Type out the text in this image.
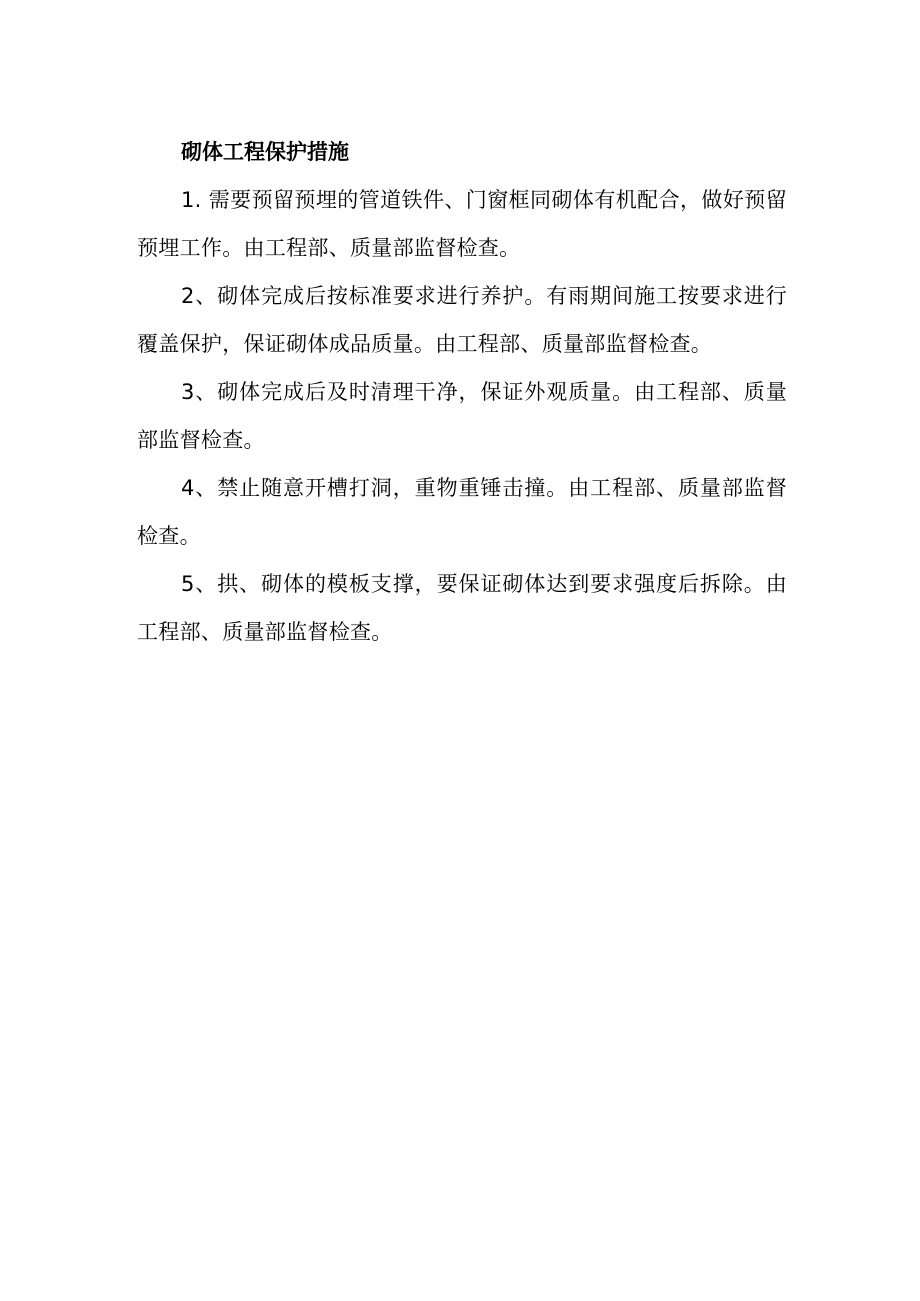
砌体工程保护措施

1. 需要预留预埋的管道铁件、门窗框同砌体有机配合，做好预留预埋工作。由工程部、质量部监督检查。

2、砌体完成后按标准要求进行养护。有雨期间施工按要求进行覆盖保护，保证砌体成品质量。由工程部、质量部监督检查。

3、砌体完成后及时清理干净，保证外观质量。由工程部、质量部监督检查。

4、禁止随意开槽打洞，重物重锤击撞。由工程部、质量部监督检查。

5、拱、砌体的模板支撑，要保证砌体达到要求强度后拆除。由工程部、质量部监督检查。
